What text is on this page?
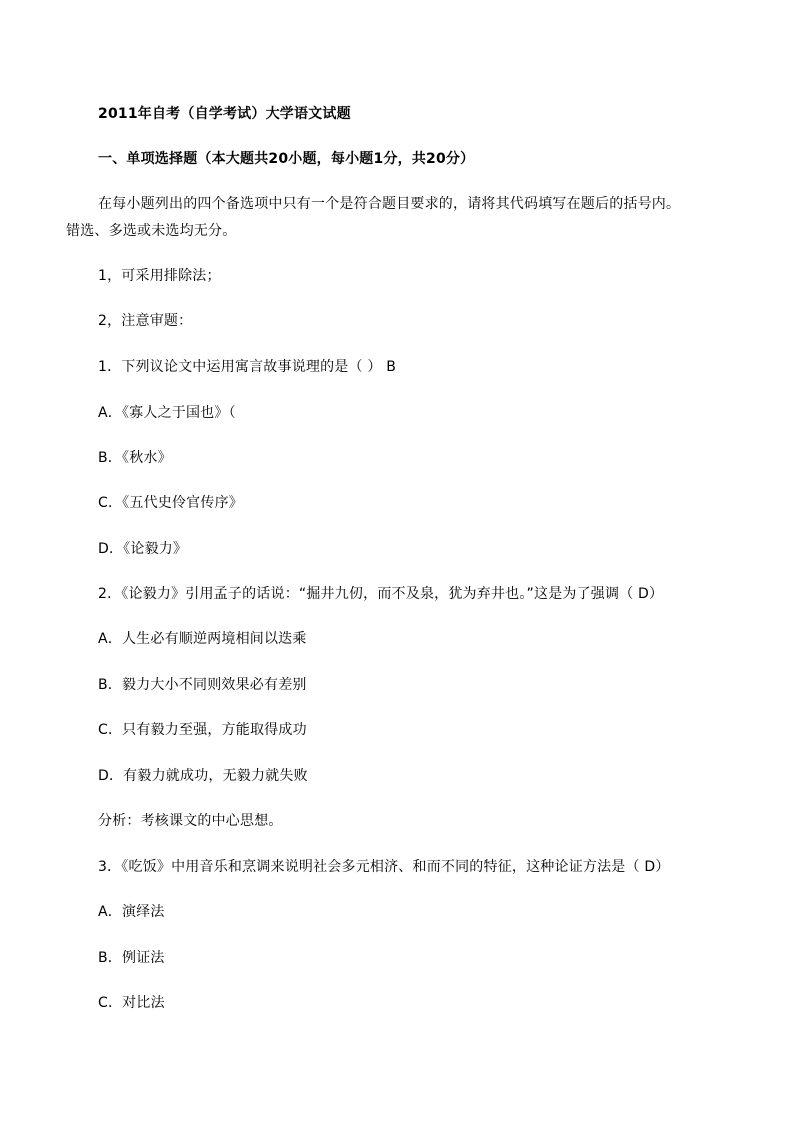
2011年自考（自学考试）大学语文试题
一、单项选择题（本大题共20小题，每小题1分，共20分）
在每小题列出的四个备选项中只有一个是符合题目要求的，请将其代码填写在题后的括号内。
错选、多选或未选均无分。
1，可采用排除法；
2，注意审题：
1．下列议论文中运用寓言故事说理的是（ ） B
A．《寡人之于国也》（
B．《秋水》
C．《五代史伶官传序》
D．《论毅力》
2．《论毅力》引用孟子的话说：“掘井九仞，而不及泉，犹为弃井也。”这是为了强调（ D）
A．人生必有顺逆两境相间以迭乘
B．毅力大小不同则效果必有差别
C．只有毅力至强，方能取得成功
D．有毅力就成功，无毅力就失败
分析：考核课文的中心思想。
3．《吃饭》中用音乐和烹调来说明社会多元相济、和而不同的特征，这种论证方法是（ D）
A．演绎法
B．例证法
C．对比法
